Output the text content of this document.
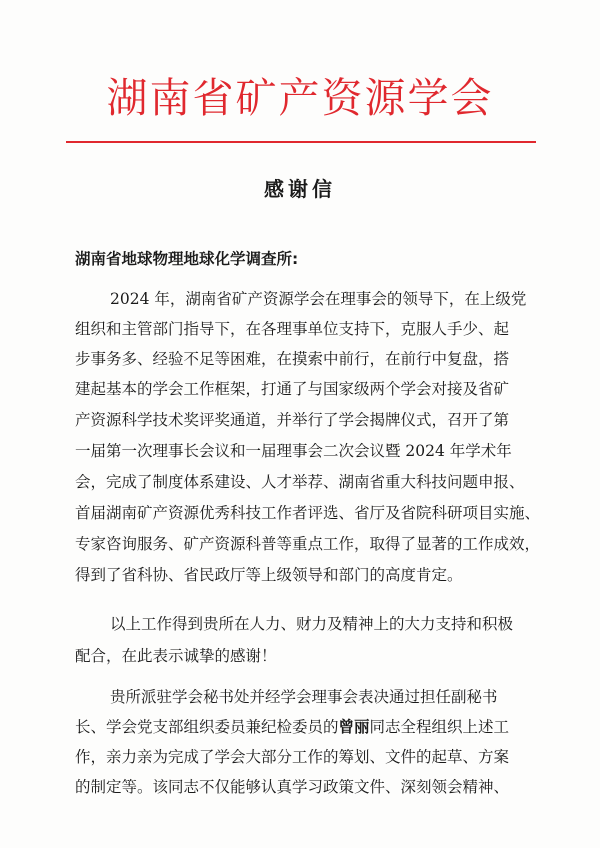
湖南省矿产资源学会
感谢信
湖南省地球物理地球化学调查所:
2024 年，湖南省矿产资源学会在理事会的领导下，在上级党
组织和主管部门指导下，在各理事单位支持下，克服人手少、起
步事务多、经验不足等困难，在摸索中前行，在前行中复盘，搭
建起基本的学会工作框架，打通了与国家级两个学会对接及省矿
产资源科学技术奖评奖通道，并举行了学会揭牌仪式，召开了第
一届第一次理事长会议和一届理事会二次会议暨 2024 年学术年
会，完成了制度体系建设、人才举荐、湖南省重大科技问题申报、
首届湖南矿产资源优秀科技工作者评选、省厅及省院科研项目实施、
专家咨询服务、矿产资源科普等重点工作，取得了显著的工作成效，
得到了省科协、省民政厅等上级领导和部门的高度肯定。
以上工作得到贵所在人力、财力及精神上的大力支持和积极
配合，在此表示诚挚的感谢！
贵所派驻学会秘书处并经学会理事会表决通过担任副秘书
长、学会党支部组织委员兼纪检委员的曾丽同志全程组织上述工
作，亲力亲为完成了学会大部分工作的筹划、文件的起草、方案
的制定等。该同志不仅能够认真学习政策文件、深刻领会精神、
